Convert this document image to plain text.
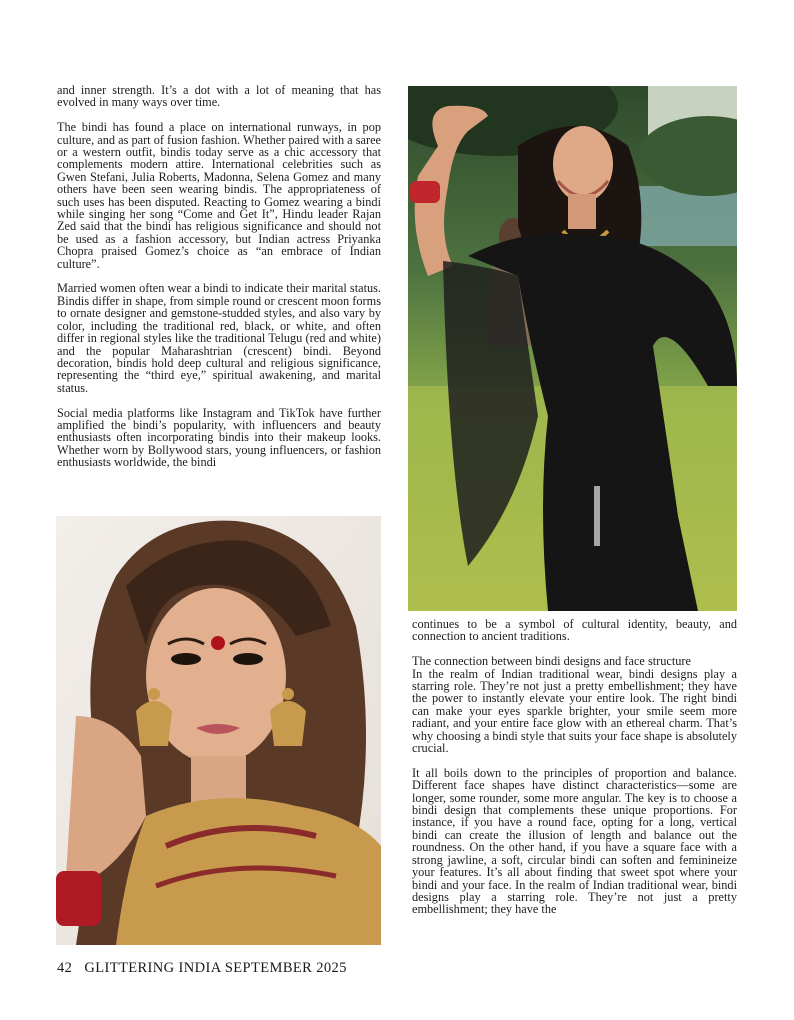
and inner strength. It’s a dot with a lot of meaning that has evolved in many ways over time.

The bindi has found a place on international runways, in pop culture, and as part of fusion fashion. Whether paired with a saree or a western outfit, bindis today serve as a chic accessory that complements modern attire. International celebrities such as Gwen Stefani, Julia Roberts, Madonna, Selena Gomez and many others have been seen wearing bindis. The appropriateness of such uses has been disputed. Reacting to Gomez wearing a bindi while singing her song “Come and Get It”, Hindu leader Rajan Zed said that the bindi has religious significance and should not be used as a fashion accessory, but Indian actress Priyanka Chopra praised Gomez’s choice as “an embrace of Indian culture”.

Married women often wear a bindi to indicate their marital status. Bindis differ in shape, from simple round or crescent moon forms to ornate designer and gemstone-studded styles, and also vary by color, including the traditional red, black, or white, and often differ in regional styles like the traditional Telugu (red and white) and the popular Maharashtrian (crescent) bindi. Beyond decoration, bindis hold deep cultural and religious significance, representing the “third eye,” spiritual awakening, and marital status.

Social media platforms like Instagram and TikTok have further amplified the bindi’s popularity, with influencers and beauty enthusiasts often incorporating bindis into their makeup looks. Whether worn by Bollywood stars, young influencers, or fashion enthusiasts worldwide, the bindi

continues to be a symbol of cultural identity, beauty, and connection to ancient traditions.

The connection between bindi designs and face structure

In the realm of Indian traditional wear, bindi designs play a starring role. They’re not just a pretty embellishment; they have the power to instantly elevate your entire look. The right bindi can make your eyes sparkle brighter, your smile seem more radiant, and your entire face glow with an ethereal charm. That’s why choosing a bindi style that suits your face shape is absolutely crucial.

It all boils down to the principles of proportion and balance. Different face shapes have distinct characteristics—some are longer, some rounder, some more angular. The key is to choose a bindi design that complements these unique proportions. For instance, if you have a round face, opting for a long, vertical bindi can create the illusion of length and balance out the roundness. On the other hand, if you have a square face with a strong jawline, a soft, circular bindi can soften and feminineize your features. It’s all about finding that sweet spot where your bindi and your face. In the realm of Indian traditional wear, bindi designs play a starring role. They’re not just a pretty embellishment; they have the

42 GLITTERING INDIA SEPTEMBER 2025
